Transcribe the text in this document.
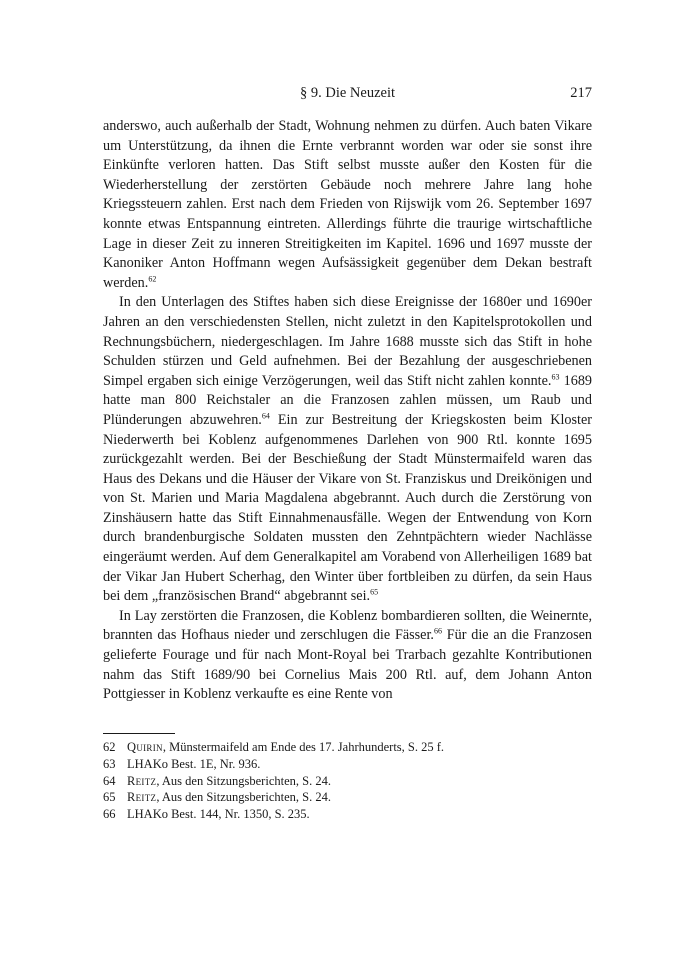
§ 9. Die Neuzeit	217

anderswo, auch außerhalb der Stadt, Wohnung nehmen zu dürfen. Auch baten Vikare um Unterstützung, da ihnen die Ernte verbrannt worden war oder sie sonst ihre Einkünfte verloren hatten. Das Stift selbst musste außer den Kosten für die Wiederherstellung der zerstörten Gebäude noch mehrere Jahre lang hohe Kriegssteuern zahlen. Erst nach dem Frieden von Rijswijk vom 26. September 1697 konnte etwas Entspannung eintreten. Allerdings führte die traurige wirtschaftliche Lage in dieser Zeit zu inneren Streitigkeiten im Kapitel. 1696 und 1697 musste der Kanoniker Anton Hoffmann wegen Aufsässigkeit gegenüber dem Dekan bestraft werden.$^{62}$

In den Unterlagen des Stiftes haben sich diese Ereignisse der 1680er und 1690er Jahren an den verschiedensten Stellen, nicht zuletzt in den Kapitelsprotokollen und Rechnungsbüchern, niedergeschlagen. Im Jahre 1688 musste sich das Stift in hohe Schulden stürzen und Geld aufnehmen. Bei der Bezahlung der ausgeschriebenen Simpel ergaben sich einige Verzögerungen, weil das Stift nicht zahlen konnte.$^{63}$ 1689 hatte man 800 Reichstaler an die Franzosen zahlen müssen, um Raub und Plünderungen abzuwehren.$^{64}$ Ein zur Bestreitung der Kriegskosten beim Kloster Niederwerth bei Koblenz aufgenommenes Darlehen von 900 Rtl. konnte 1695 zurückgezahlt werden. Bei der Beschießung der Stadt Münstermaifeld waren das Haus des Dekans und die Häuser der Vikare von St. Franziskus und Dreikönigen und von St. Marien und Maria Magdalena abgebrannt. Auch durch die Zerstörung von Zinshäusern hatte das Stift Einnahmenausfälle. Wegen der Entwendung von Korn durch brandenburgische Soldaten mussten den Zehntpächtern wieder Nachlässe eingeräumt werden. Auf dem Generalkapitel am Vorabend von Allerheiligen 1689 bat der Vikar Jan Hubert Scherhag, den Winter über fortbleiben zu dürfen, da sein Haus bei dem „französischen Brand“ abgebrannt sei.$^{65}$

In Lay zerstörten die Franzosen, die Koblenz bombardieren sollten, die Weinernte, brannten das Hofhaus nieder und zerschlugen die Fässer.$^{66}$ Für die an die Franzosen gelieferte Fourage und für nach Mont-Royal bei Trarbach gezahlte Kontributionen nahm das Stift 1689/90 bei Cornelius Mais 200 Rtl. auf, dem Johann Anton Pottgiesser in Koblenz verkaufte es eine Rente von

62 Quirin, Münstermaifeld am Ende des 17. Jahrhunderts, S. 25 f.
63 LHAKo Best. 1E, Nr. 936.
64 Reitz, Aus den Sitzungsberichten, S. 24.
65 Reitz, Aus den Sitzungsberichten, S. 24.
66 LHAKo Best. 144, Nr. 1350, S. 235.
